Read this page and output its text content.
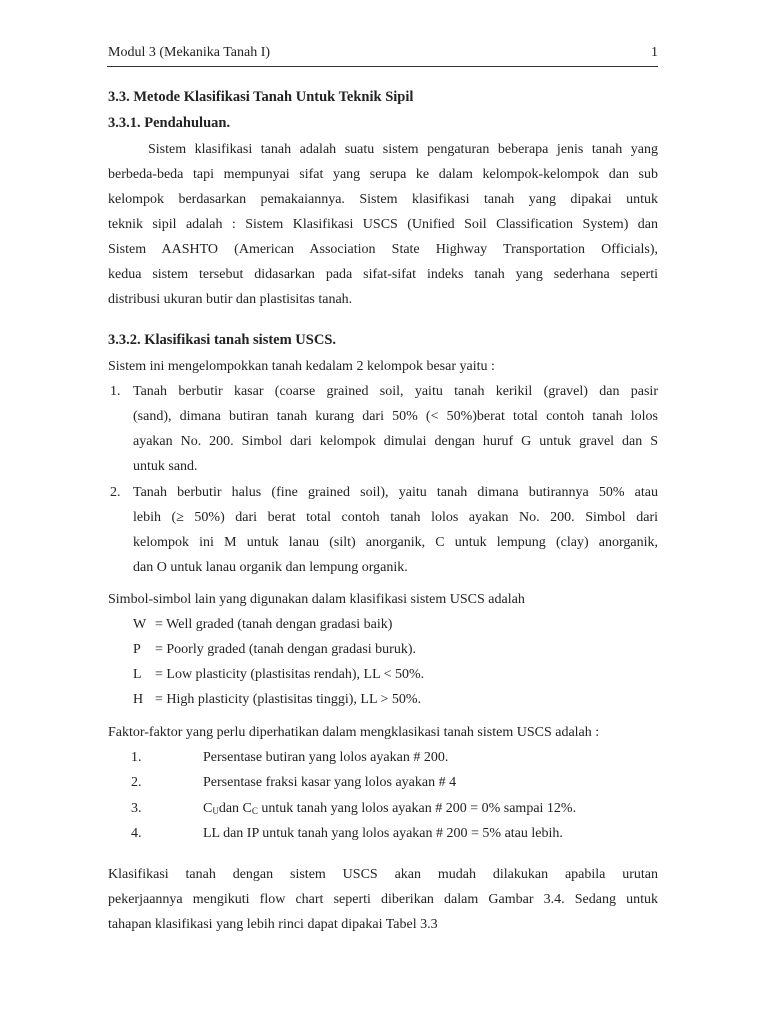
Modul 3 (Mekanika Tanah I)	1
3.3. Metode Klasifikasi Tanah Untuk Teknik Sipil
3.3.1. Pendahuluan.
Sistem klasifikasi tanah adalah suatu sistem pengaturan beberapa jenis tanah yang
berbeda-beda tapi mempunyai sifat yang serupa ke dalam kelompok-kelompok dan sub
kelompok berdasarkan pemakaiannya. Sistem klasifikasi tanah yang dipakai untuk
teknik sipil adalah : Sistem Klasifikasi USCS (Unified Soil Classification System) dan
Sistem AASHTO (American Association State Highway Transportation Officials),
kedua sistem tersebut didasarkan pada sifat-sifat indeks tanah yang sederhana seperti
distribusi ukuran butir dan plastisitas tanah.
3.3.2. Klasifikasi tanah sistem USCS.
Sistem ini mengelompokkan tanah kedalam 2 kelompok besar yaitu :
1. Tanah berbutir kasar (coarse grained soil, yaitu tanah kerikil (gravel) dan pasir
(sand), dimana butiran tanah kurang dari 50% (< 50%)berat total contoh tanah lolos
ayakan No. 200. Simbol dari kelompok dimulai dengan huruf G untuk gravel dan S
untuk sand.
2. Tanah berbutir halus (fine grained soil), yaitu tanah dimana butirannya 50% atau
lebih (≥ 50%) dari berat total contoh tanah lolos ayakan No. 200. Simbol dari
kelompok ini M untuk lanau (silt) anorganik, C untuk lempung (clay) anorganik,
dan O untuk lanau organik dan lempung organik.
Simbol-simbol lain yang digunakan dalam klasifikasi sistem USCS adalah
W = Well graded (tanah dengan gradasi baik)
P = Poorly graded (tanah dengan gradasi buruk).
L = Low plasticity (plastisitas rendah), LL < 50%.
H = High plasticity (plastisitas tinggi), LL > 50%.
Faktor-faktor yang perlu diperhatikan dalam mengklasikasi tanah sistem USCS adalah :
1.	Persentase butiran yang lolos ayakan # 200.
2.	Persentase fraksi kasar yang lolos ayakan # 4
3.	$C_Udan$ $C_C$ untuk tanah yang lolos ayakan # 200 = 0% sampai 12%.
4.	LL dan IP untuk tanah yang lolos ayakan # 200 = 5% atau lebih.
Klasifikasi tanah dengan sistem USCS akan mudah dilakukan apabila urutan
pekerjaannya mengikuti flow chart seperti diberikan dalam Gambar 3.4. Sedang untuk
tahapan klasifikasi yang lebih rinci dapat dipakai Tabel 3.3
